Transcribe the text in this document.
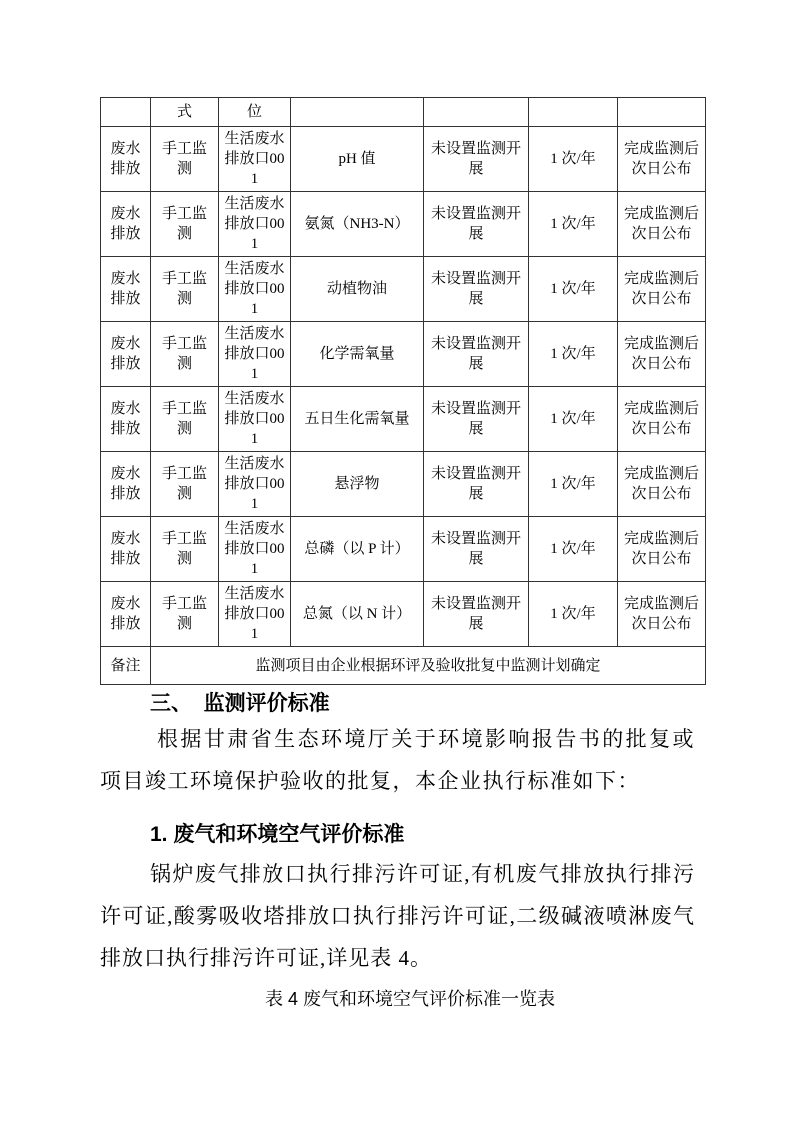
	式	位				
废水排放	手工监测	生活废水排放口001	pH 值	未设置监测开展	1 次/年	完成监测后次日公布
废水排放	手工监测	生活废水排放口001	氨氮（NH3-N）	未设置监测开展	1 次/年	完成监测后次日公布
废水排放	手工监测	生活废水排放口001	动植物油	未设置监测开展	1 次/年	完成监测后次日公布
废水排放	手工监测	生活废水排放口001	化学需氧量	未设置监测开展	1 次/年	完成监测后次日公布
废水排放	手工监测	生活废水排放口001	五日生化需氧量	未设置监测开展	1 次/年	完成监测后次日公布
废水排放	手工监测	生活废水排放口001	悬浮物	未设置监测开展	1 次/年	完成监测后次日公布
废水排放	手工监测	生活废水排放口001	总磷（以 P 计）	未设置监测开展	1 次/年	完成监测后次日公布
废水排放	手工监测	生活废水排放口001	总氮（以 N 计）	未设置监测开展	1 次/年	完成监测后次日公布
备注	监测项目由企业根据环评及验收批复中监测计划确定					
三、  监测评价标准
根据甘肃省生态环境厅关于环境影响报告书的批复或项目竣工环境保护验收的批复，本企业执行标准如下：
1. 废气和环境空气评价标准
锅炉废气排放口执行排污许可证,有机废气排放执行排污许可证,酸雾吸收塔排放口执行排污许可证,二级碱液喷淋废气排放口执行排污许可证,详见表 4。
表 4 废气和环境空气评价标准一览表
